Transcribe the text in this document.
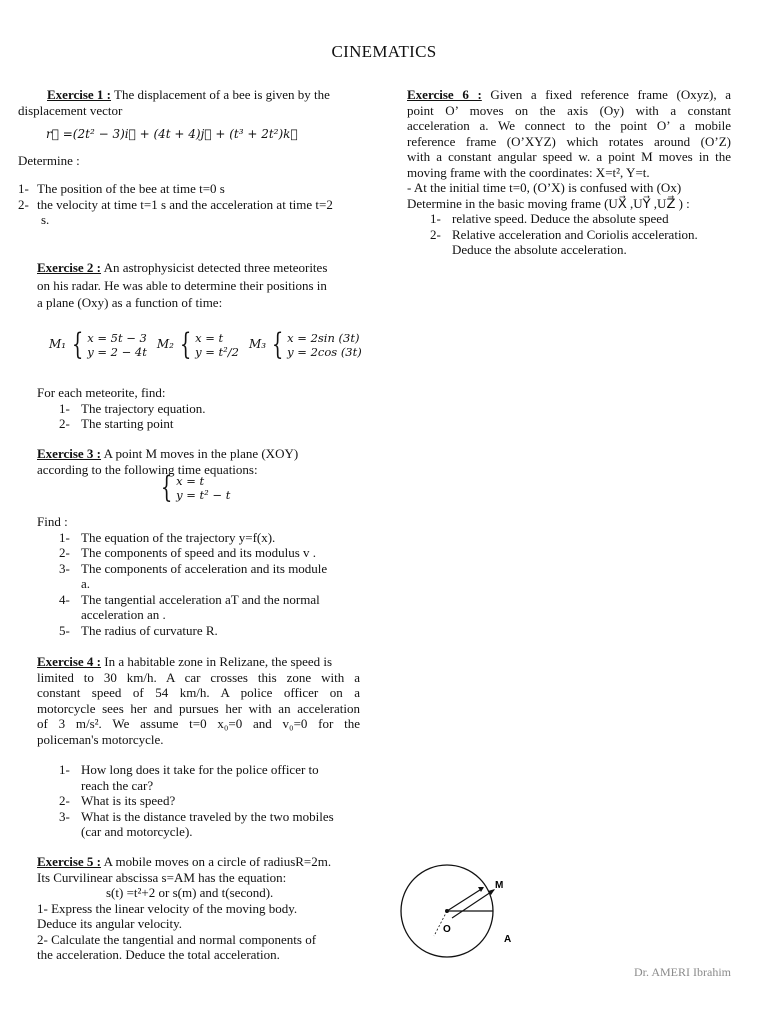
CINEMATICS

Exercise 1 : The displacement of a bee is given by the

displacement vector

r⃗ =(2t² − 3)i⃗ + (4t + 4)j⃗ + (t³ + 2t²)k⃗

Determine :

1- The position of the bee at time t=0 s
2- the velocity at time t=1 s and the acceleration at time t=2
s.

Exercise 2 : An astrophysicist detected three meteorites

on his radar. He was able to determine their positions in

a plane (Oxy) as a function of time:

M₁ { x = 5t − 3
y = 2 − 4t
M₂ { x = t
y = t²/2
M₃ { x = 2sin (3t)
y = 2cos (3t)

For each meteorite, find:

1- The trajectory equation.
2- The starting point

Exercise 3 : A point M moves in the plane (XOY)

according to the following time equations:

{ x = t
y = t² − t

Find :

1- The equation of the trajectory y=f(x).
2- The components of speed and its modulus v .
3- The components of acceleration and its module
a.
4- The tangential acceleration aT and the normal
acceleration an .
5- The radius of curvature R.

Exercise 4 : In a habitable zone in Relizane, the speed is

limited to 30 km/h. A car crosses this zone with a

constant speed of 54 km/h. A police officer on a

motorcycle sees her and pursues her with an acceleration

of 3 m/s². We assume t=0 x₀=0 and v₀=0 for the

policeman's motorcycle.

1- How long does it take for the police officer to
reach the car?
2- What is its speed?
3- What is the distance traveled by the two mobiles
(car and motorcycle).

Exercise 5 : A mobile moves on a circle of radiusR=2m.

Its Curvilinear abscissa s=AM has the equation:

s(t) =t²+2 or s(m) and t(second).

1- Express the linear velocity of the moving body.

Deduce its angular velocity.

2- Calculate the tangential and normal components of

the acceleration. Deduce the total acceleration.

M
O
A

Exercise 6 : Given a fixed reference frame (Oxyz), a

point O’ moves on the axis (Oy) with a constant

acceleration a. We connect to the point O’ a mobile

reference frame (O’XYZ) which rotates around (O’Z)

with a constant angular speed w. a point M moves in the

moving frame with the coordinates: X=t², Y=t.

- At the initial time t=0, (O’X) is confused with (Ox)

Determine in the basic moving frame (UX⃗ ,UY⃗ ,UZ⃗ ) :

1- relative speed. Deduce the absolute speed
2- Relative acceleration and Coriolis acceleration.
Deduce the absolute acceleration.
Dr. AMERI Ibrahim
